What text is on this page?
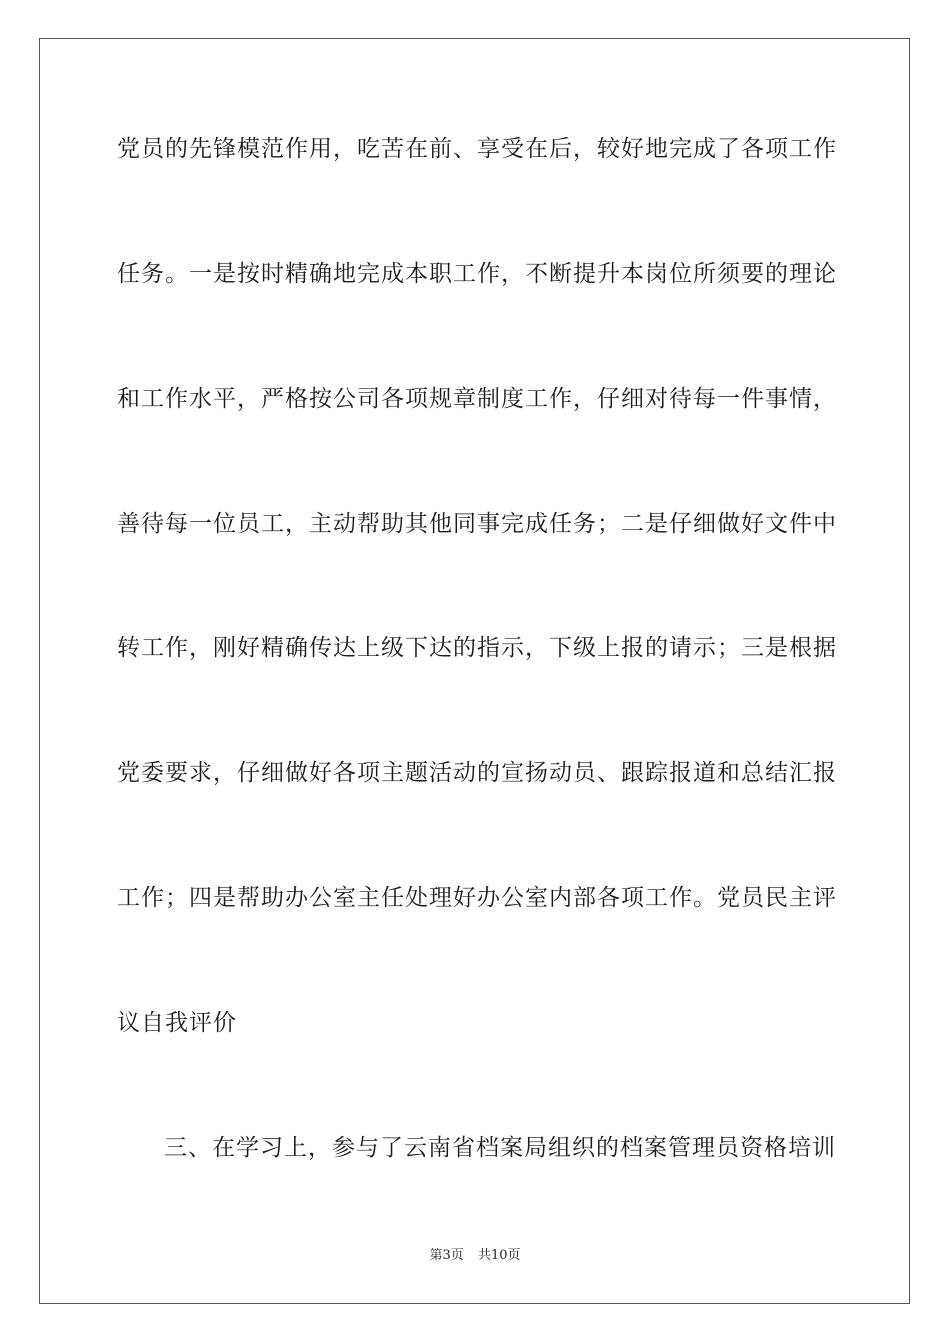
党员的先锋模范作用，吃苦在前、享受在后，较好地完成了各项工作
任务。一是按时精确地完成本职工作，不断提升本岗位所须要的理论
和工作水平，严格按公司各项规章制度工作，仔细对待每一件事情，
善待每一位员工，主动帮助其他同事完成任务；二是仔细做好文件中
转工作，刚好精确传达上级下达的指示，下级上报的请示；三是根据
党委要求，仔细做好各项主题活动的宣扬动员、跟踪报道和总结汇报
工作；四是帮助办公室主任处理好办公室内部各项工作。党员民主评
议自我评价
三、在学习上，参与了云南省档案局组织的档案管理员资格培训
第3页 共10页
